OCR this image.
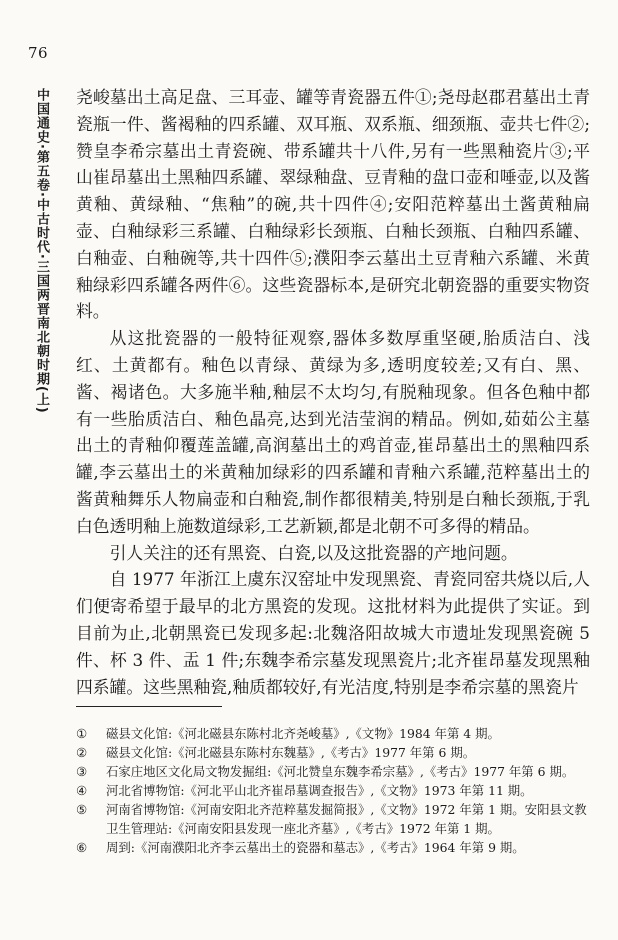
76
中国通史·第五卷·中古时代·三国两晋南北朝时期(上)	尧峻墓出土高足盘、三耳壶、罐等青瓷器五件①;尧母赵郡君墓出土青瓷瓶一件、酱褐釉的四系罐、双耳瓶、双系瓶、细颈瓶、壶共七件②;赞皇李希宗墓出土青瓷碗、带系罐共十八件,另有一些黑釉瓷片③;平山崔昂墓出土黑釉四系罐、翠绿釉盘、豆青釉的盘口壶和唾壶,以及酱黄釉、黄绿釉、“焦釉”的碗,共十四件④;安阳范粹墓出土酱黄釉扁壶、白釉绿彩三系罐、白釉绿彩长颈瓶、白釉长颈瓶、白釉四系罐、白釉壶、白釉碗等,共十四件⑤;濮阳李云墓出土豆青釉六系罐、米黄釉绿彩四系罐各两件⑥。这些瓷器标本,是研究北朝瓷器的重要实物资料。

从这批瓷器的一般特征观察,器体多数厚重坚硬,胎质洁白、浅红、土黄都有。釉色以青绿、黄绿为多,透明度较差;又有白、黑、酱、褐诸色。大多施半釉,釉层不太均匀,有脱釉现象。但各色釉中都有一些胎质洁白、釉色晶亮,达到光洁莹润的精品。例如,茹茹公主墓出土的青釉仰覆莲盖罐,高润墓出土的鸡首壶,崔昂墓出土的黑釉四系罐,李云墓出土的米黄釉加绿彩的四系罐和青釉六系罐,范粹墓出土的酱黄釉舞乐人物扁壶和白釉瓷,制作都很精美,特别是白釉长颈瓶,于乳白色透明釉上施数道绿彩,工艺新颖,都是北朝不可多得的精品。

引人关注的还有黑瓷、白瓷,以及这批瓷器的产地问题。

自 1977 年浙江上虞东汉窑址中发现黑瓷、青瓷同窑共烧以后,人们便寄希望于最早的北方黑瓷的发现。这批材料为此提供了实证。到目前为止,北朝黑瓷已发现多起:北魏洛阳故城大市遗址发现黑瓷碗 5 件、杯 3 件、盂 1 件;东魏李希宗墓发现黑瓷片;北齐崔昂墓发现黑釉四系罐。这些黑釉瓷,釉质都较好,有光洁度,特别是李希宗墓的黑瓷片

① 磁县文化馆:《河北磁县东陈村北齐尧峻墓》,《文物》1984 年第 4 期。
② 磁县文化馆:《河北磁县东陈村东魏墓》,《考古》1977 年第 6 期。
③ 石家庄地区文化局文物发掘组:《河北赞皇东魏李希宗墓》,《考古》1977 年第 6 期。
④ 河北省博物馆:《河北平山北齐崔昂墓调查报告》,《文物》1973 年第 11 期。
⑤ 河南省博物馆:《河南安阳北齐范粹墓发掘简报》,《文物》1972 年第 1 期。安阳县文教卫生管理站:《河南安阳县发现一座北齐墓》,《考古》1972 年第 1 期。
⑥ 周到:《河南濮阳北齐李云墓出土的瓷器和墓志》,《考古》1964 年第 9 期。
